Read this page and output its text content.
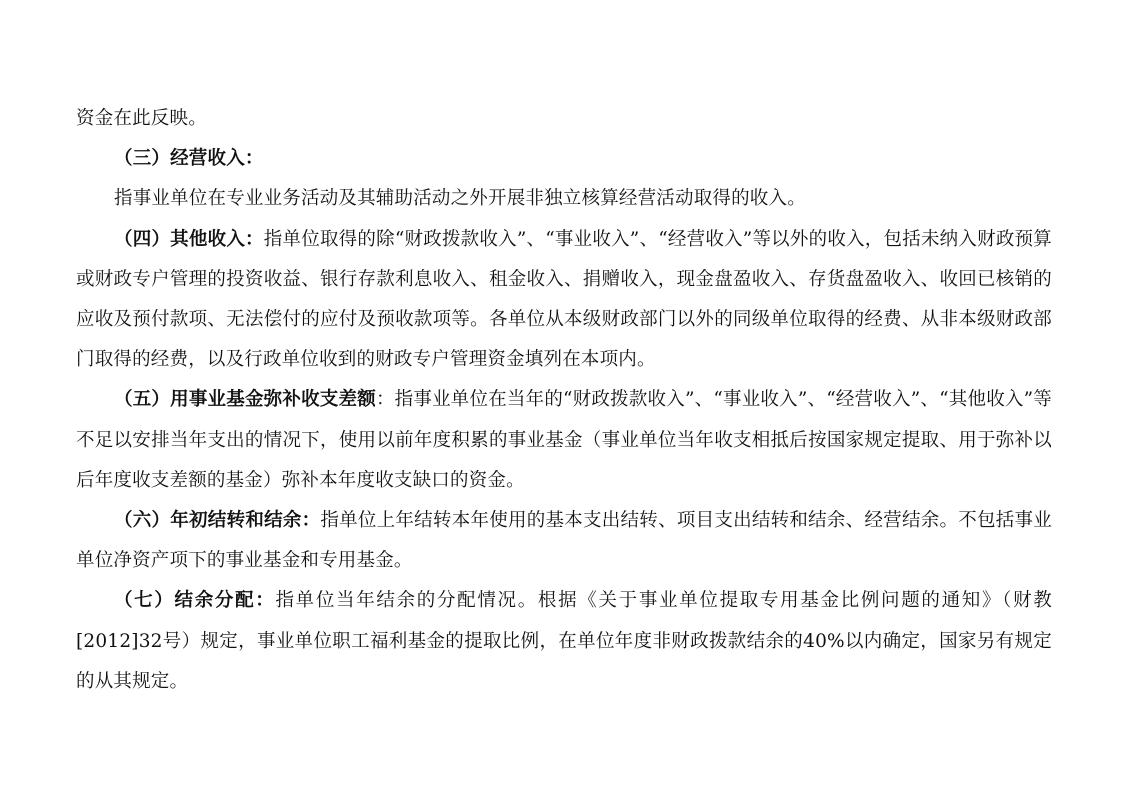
资金在此反映。

（三）经营收入：

指事业单位在专业业务活动及其辅助活动之外开展非独立核算经营活动取得的收入。

（四）其他收入：指单位取得的除“财政拨款收入”、“事业收入”、“经营收入”等以外的收入，包括未纳入财政预算或财政专户管理的投资收益、银行存款利息收入、租金收入、捐赠收入，现金盘盈收入、存货盘盈收入、收回已核销的应收及预付款项、无法偿付的应付及预收款项等。各单位从本级财政部门以外的同级单位取得的经费、从非本级财政部门取得的经费，以及行政单位收到的财政专户管理资金填列在本项内。

（五）用事业基金弥补收支差额：指事业单位在当年的“财政拨款收入”、“事业收入”、“经营收入”、“其他收入”等不足以安排当年支出的情况下，使用以前年度积累的事业基金（事业单位当年收支相抵后按国家规定提取、用于弥补以后年度收支差额的基金）弥补本年度收支缺口的资金。

（六）年初结转和结余：指单位上年结转本年使用的基本支出结转、项目支出结转和结余、经营结余。不包括事业单位净资产项下的事业基金和专用基金。

（七）结余分配：指单位当年结余的分配情况。根据《关于事业单位提取专用基金比例问题的通知》（财教[2012]32号）规定，事业单位职工福利基金的提取比例，在单位年度非财政拨款结余的40%以内确定，国家另有规定的从其规定。
